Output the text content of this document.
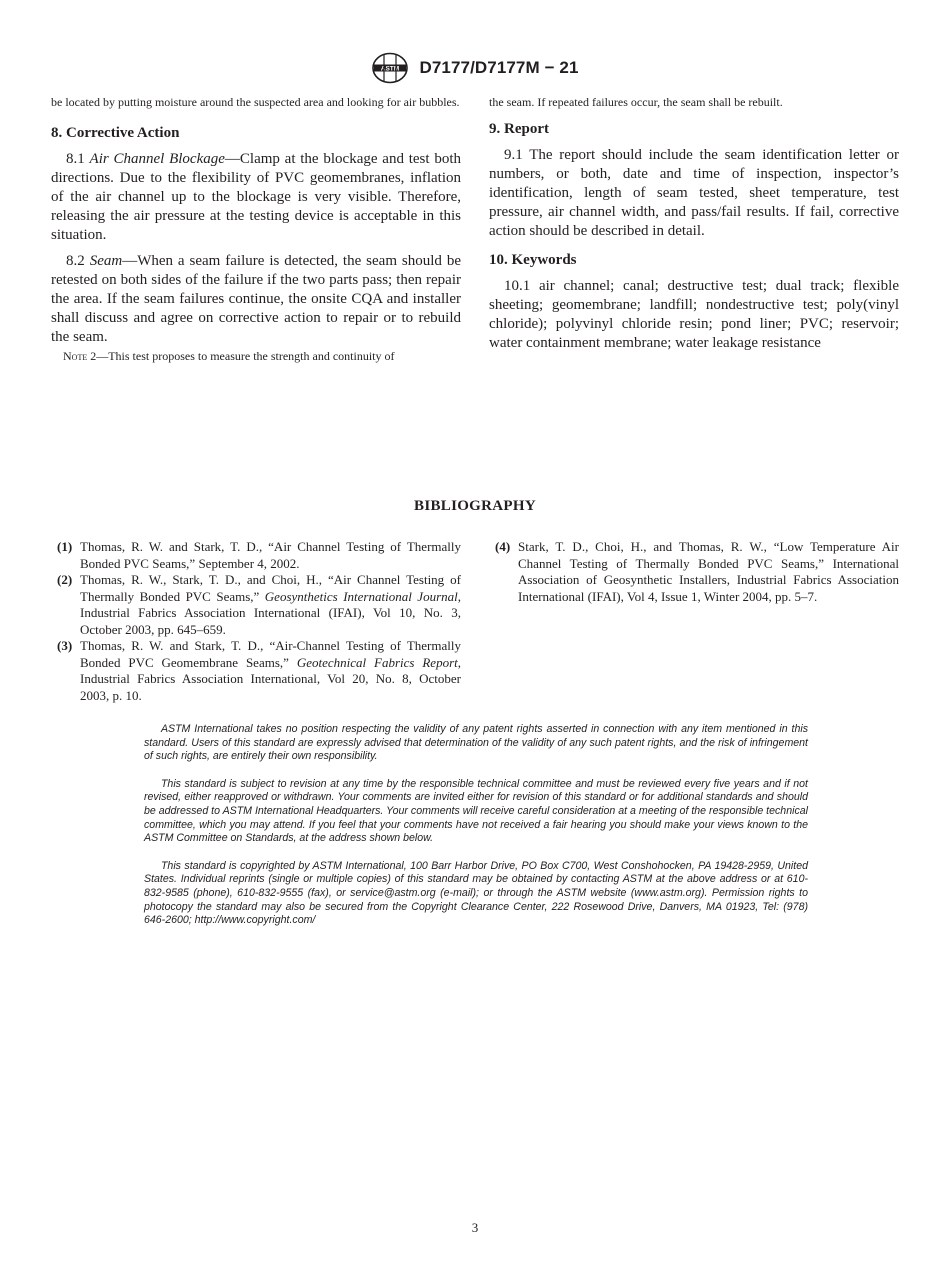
ASTM D7177/D7177M − 21

be located by putting moisture around the suspected area and looking for air bubbles.

8. Corrective Action

8.1 Air Channel Blockage—Clamp at the blockage and test both directions. Due to the flexibility of PVC geomembranes, inflation of the air channel up to the blockage is very visible. Therefore, releasing the air pressure at the testing device is acceptable in this situation.

8.2 Seam—When a seam failure is detected, the seam should be retested on both sides of the failure if the two parts pass; then repair the area. If the seam failures continue, the onsite CQA and installer shall discuss and agree on corrective action to repair or to rebuild the seam.

Note 2—This test proposes to measure the strength and continuity of

the seam. If repeated failures occur, the seam shall be rebuilt.

9. Report

9.1 The report should include the seam identification letter or numbers, or both, date and time of inspection, inspector’s identification, length of seam tested, sheet temperature, test pressure, air channel width, and pass/fail results. If fail, corrective action should be described in detail.

10. Keywords

10.1 air channel; canal; destructive test; dual track; flexible sheeting; geomembrane; landfill; nondestructive test; poly(vinyl chloride); polyvinyl chloride resin; pond liner; PVC; reservoir; water containment membrane; water leakage resistance

BIBLIOGRAPHY
(1) Thomas, R. W. and Stark, T. D., “Air Channel Testing of Thermally Bonded PVC Seams,” September 4, 2002.
(2) Thomas, R. W., Stark, T. D., and Choi, H., “Air Channel Testing of Thermally Bonded PVC Seams,” Geosynthetics International Journal, Industrial Fabrics Association International (IFAI), Vol 10, No. 3, October 2003, pp. 645–659.
(3) Thomas, R. W. and Stark, T. D., “Air-Channel Testing of Thermally Bonded PVC Geomembrane Seams,” Geotechnical Fabrics Report, Industrial Fabrics Association International, Vol 20, No. 8, October 2003, p. 10.
(4) Stark, T. D., Choi, H., and Thomas, R. W., “Low Temperature Air Channel Testing of Thermally Bonded PVC Seams,” International Association of Geosynthetic Installers, Industrial Fabrics Association International (IFAI), Vol 4, Issue 1, Winter 2004, pp. 5–7.

ASTM International takes no position respecting the validity of any patent rights asserted in connection with any item mentioned in this standard. Users of this standard are expressly advised that determination of the validity of any such patent rights, and the risk of infringement of such rights, are entirely their own responsibility.

This standard is subject to revision at any time by the responsible technical committee and must be reviewed every five years and if not revised, either reapproved or withdrawn. Your comments are invited either for revision of this standard or for additional standards and should be addressed to ASTM International Headquarters. Your comments will receive careful consideration at a meeting of the responsible technical committee, which you may attend. If you feel that your comments have not received a fair hearing you should make your views known to the ASTM Committee on Standards, at the address shown below.

This standard is copyrighted by ASTM International, 100 Barr Harbor Drive, PO Box C700, West Conshohocken, PA 19428-2959, United States. Individual reprints (single or multiple copies) of this standard may be obtained by contacting ASTM at the above address or at 610-832-9585 (phone), 610-832-9555 (fax), or service@astm.org (e-mail); or through the ASTM website (www.astm.org). Permission rights to photocopy the standard may also be secured from the Copyright Clearance Center, 222 Rosewood Drive, Danvers, MA 01923, Tel: (978) 646-2600; http://www.copyright.com/

3
